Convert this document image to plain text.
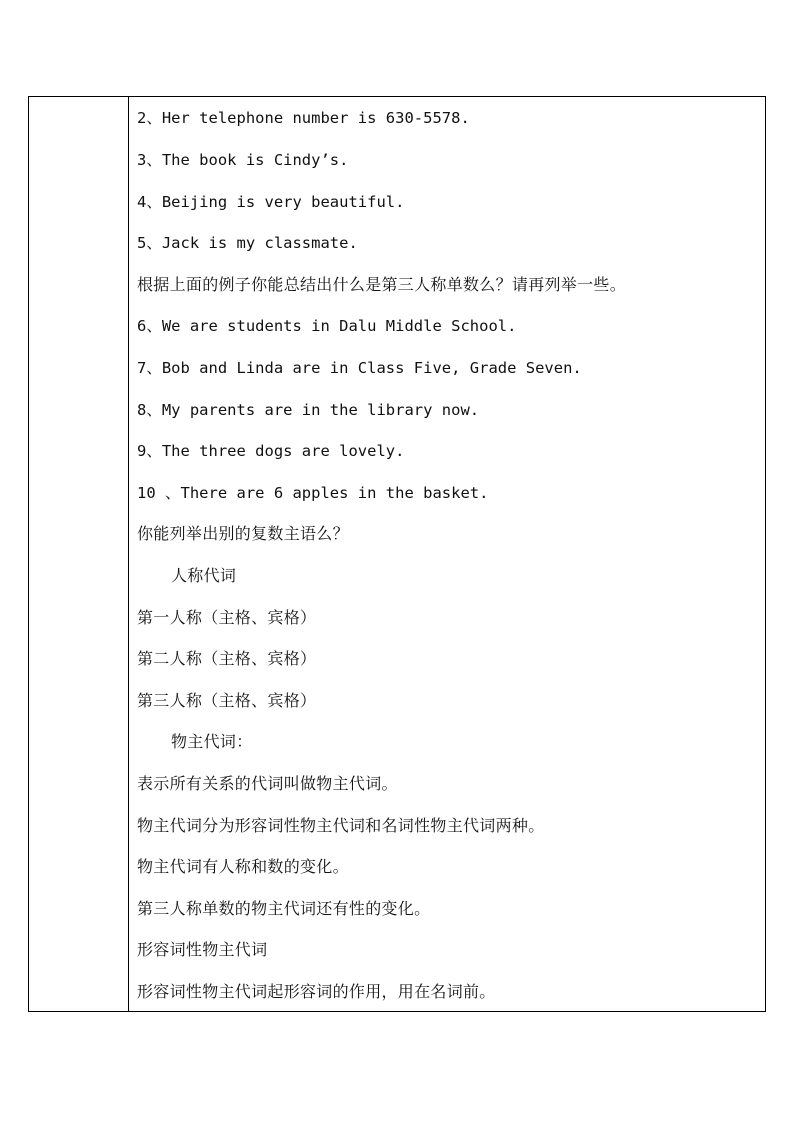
2、Her telephone number is 630-5578.
3、The book is Cindy’s.
4、Beijing is very beautiful.
5、Jack is my classmate.
根据上面的例子你能总结出什么是第三人称单数么？请再列举一些。
6、We are students in Dalu Middle School.
7、Bob and Linda are in Class Five, Grade Seven.
8、My parents are in the library now.
9、The three dogs are lovely.
10 、There are 6 apples in the basket.
你能列举出别的复数主语么？
人称代词
第一人称（主格、宾格）
第二人称（主格、宾格）
第三人称（主格、宾格）
物主代词：
表示所有关系的代词叫做物主代词。
物主代词分为形容词性物主代词和名词性物主代词两种。
物主代词有人称和数的变化。
第三人称单数的物主代词还有性的变化。
形容词性物主代词
形容词性物主代词起形容词的作用，用在名词前。
